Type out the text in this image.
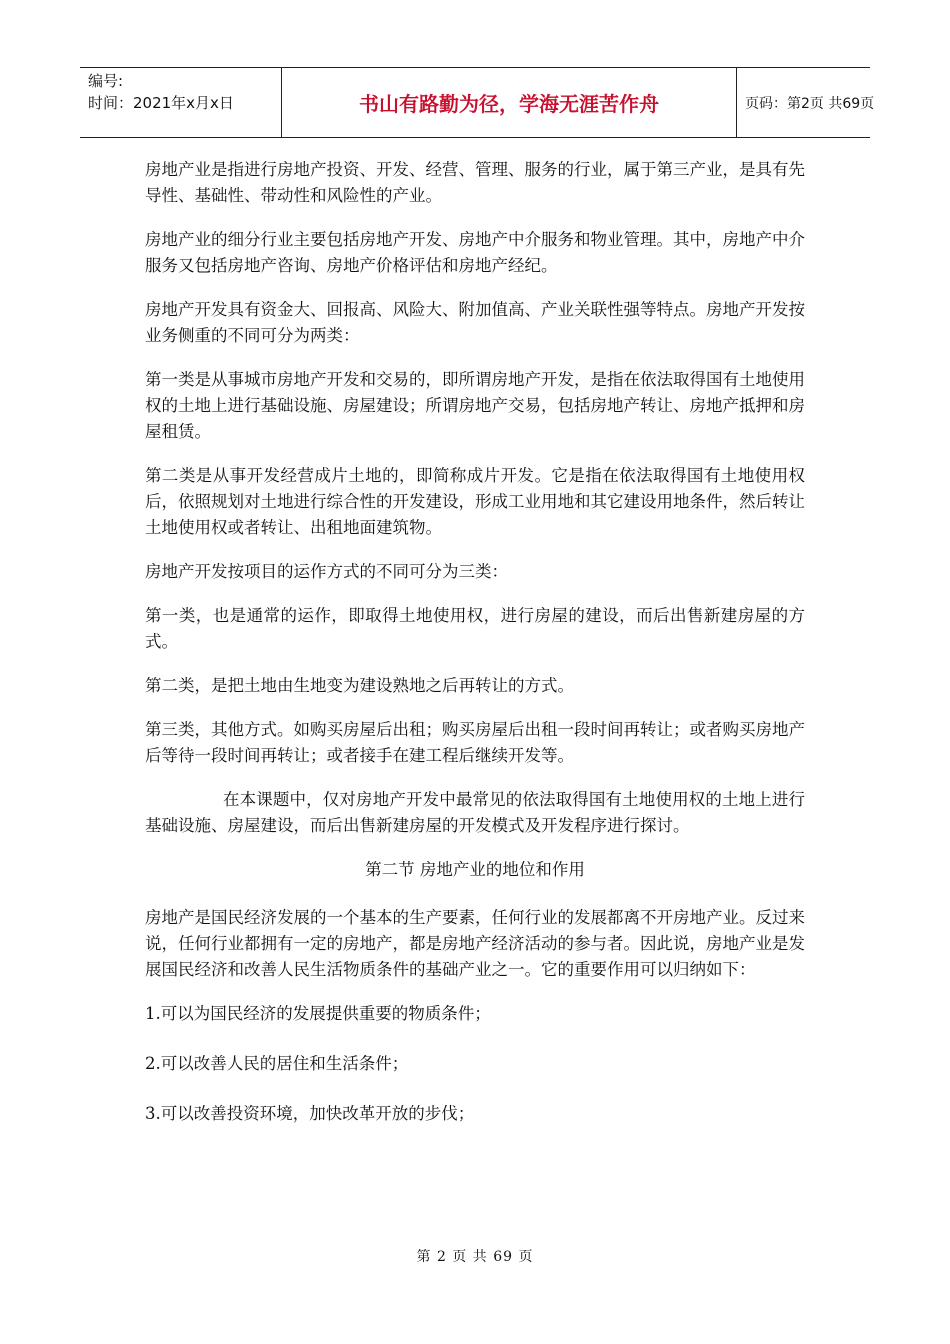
编号:
时间：2021年x月x日	书山有路勤为径，学海无涯苦作舟	页码：第2页 共69页

房地产业是指进行房地产投资、开发、经营、管理、服务的行业，属于第三产业，是具有先导性、基础性、带动性和风险性的产业。

房地产业的细分行业主要包括房地产开发、房地产中介服务和物业管理。其中，房地产中介服务又包括房地产咨询、房地产价格评估和房地产经纪。

房地产开发具有资金大、回报高、风险大、附加值高、产业关联性强等特点。房地产开发按业务侧重的不同可分为两类：

第一类是从事城市房地产开发和交易的，即所谓房地产开发，是指在依法取得国有土地使用权的土地上进行基础设施、房屋建设；所谓房地产交易，包括房地产转让、房地产抵押和房屋租赁。

第二类是从事开发经营成片土地的，即简称成片开发。它是指在依法取得国有土地使用权后，依照规划对土地进行综合性的开发建设，形成工业用地和其它建设用地条件，然后转让土地使用权或者转让、出租地面建筑物。

房地产开发按项目的运作方式的不同可分为三类：

第一类，也是通常的运作，即取得土地使用权，进行房屋的建设，而后出售新建房屋的方式。

第二类，是把土地由生地变为建设熟地之后再转让的方式。

第三类，其他方式。如购买房屋后出租；购买房屋后出租一段时间再转让；或者购买房地产后等待一段时间再转让；或者接手在建工程后继续开发等。

在本课题中，仅对房地产开发中最常见的依法取得国有土地使用权的土地上进行基础设施、房屋建设，而后出售新建房屋的开发模式及开发程序进行探讨。

第二节 房地产业的地位和作用

房地产是国民经济发展的一个基本的生产要素，任何行业的发展都离不开房地产业。反过来说，任何行业都拥有一定的房地产，都是房地产经济活动的参与者。因此说，房地产业是发展国民经济和改善人民生活物质条件的基础产业之一。它的重要作用可以归纳如下：

1.可以为国民经济的发展提供重要的物质条件；

2.可以改善人民的居住和生活条件；

3.可以改善投资环境，加快改革开放的步伐；

第 2 页 共 69 页
